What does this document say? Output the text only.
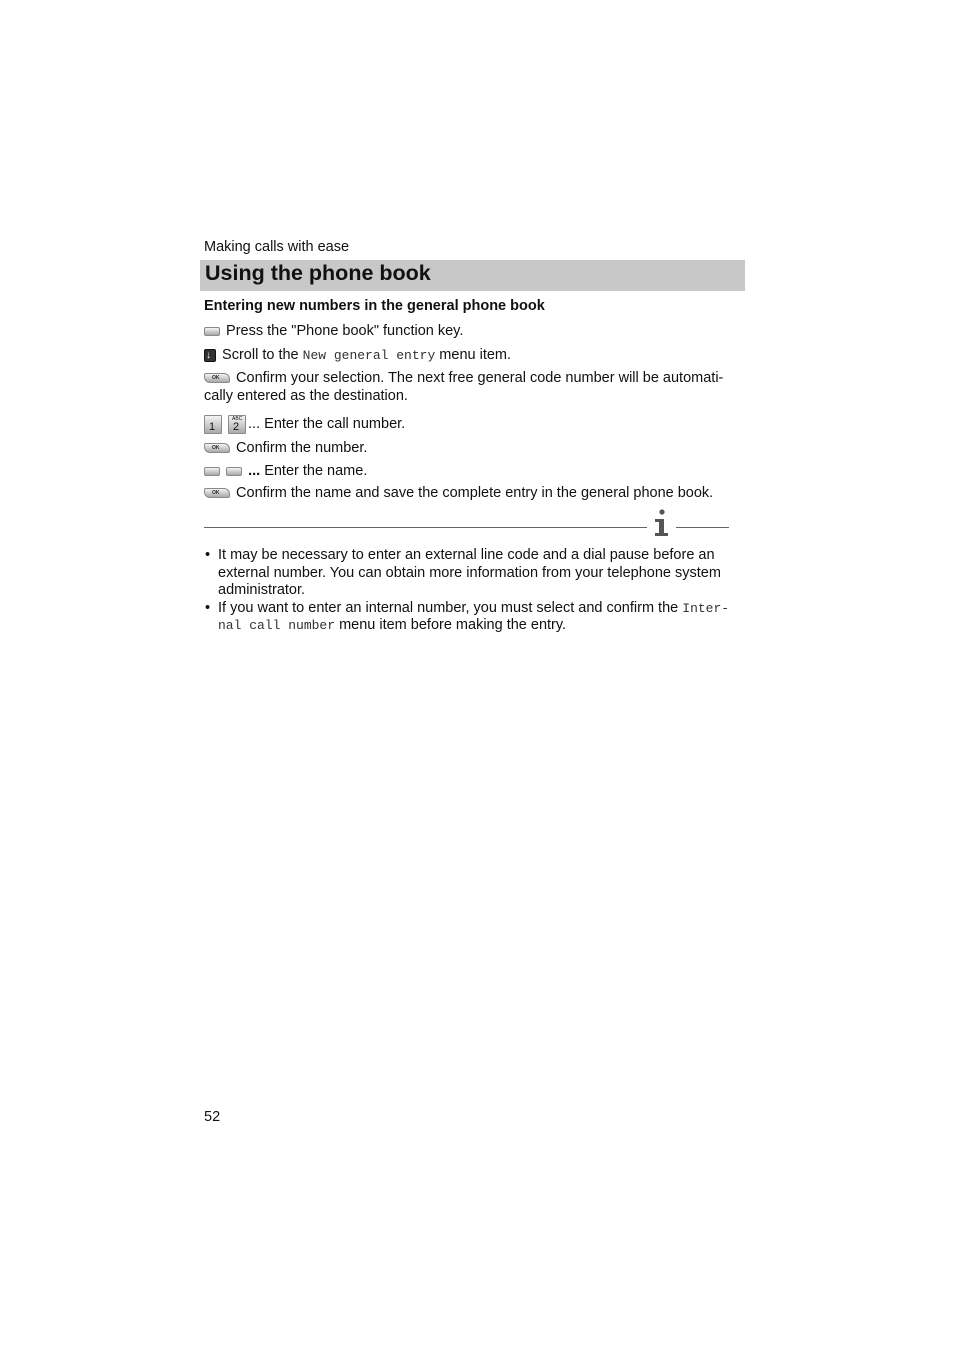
Making calls with ease
Using the phone book
Entering new numbers in the general phone book
Press the "Phone book" function key.
↓ Scroll to the New general entry menu item.
OK Confirm your selection. The next free general code number will be automati-
cally entered as the destination.
1

ABC
2 ... Enter the call number.
OK Confirm the number.
... Enter the name.
OK Confirm the name and save the complete entry in the general phone book.
• It may be necessary to enter an external line code and a dial pause before an external number. You can obtain more information from your telephone system administrator.
• If you want to enter an internal number, you must select and confirm the Inter-
nal call number menu item before making the entry.
52
